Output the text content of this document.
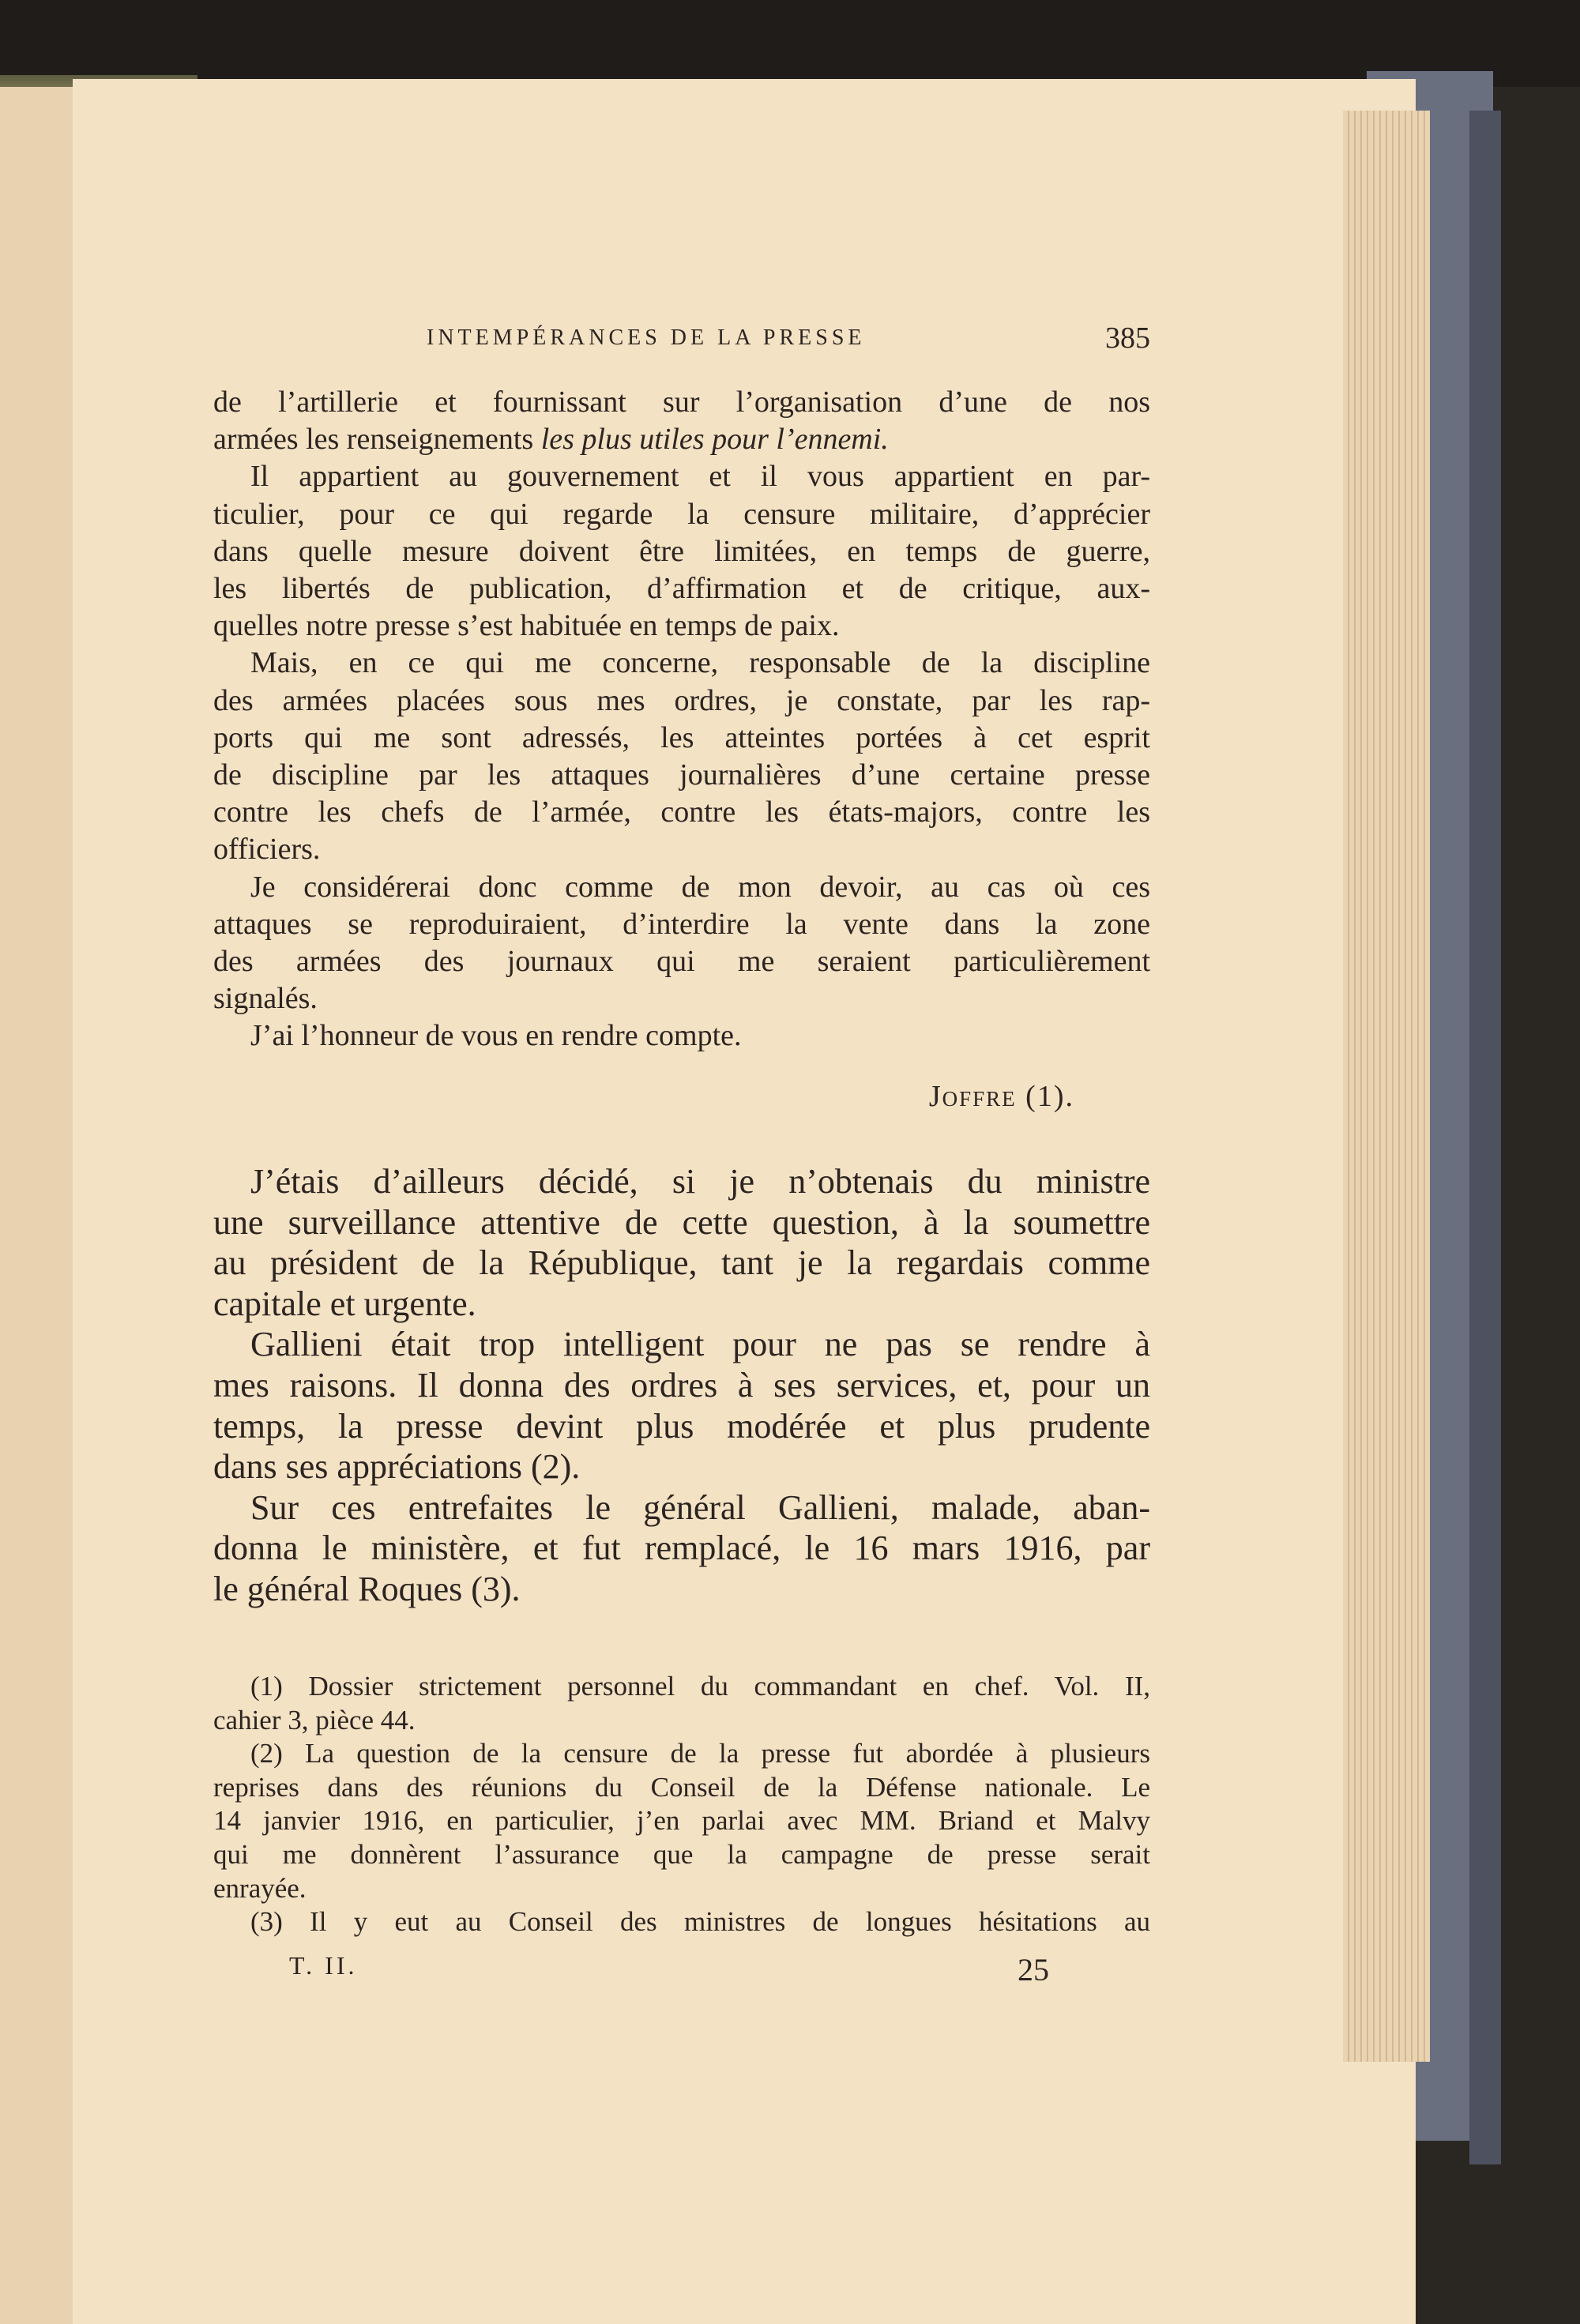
INTEMPÉRANCES DE LA PRESSE	385
de l’artillerie et fournissant sur l’organisation d’une de nos
armées les renseignements les plus utiles pour l’ennemi.
Il appartient au gouvernement et il vous appartient en par-
ticulier, pour ce qui regarde la censure militaire, d’apprécier
dans quelle mesure doivent être limitées, en temps de guerre,
les libertés de publication, d’affirmation et de critique, aux-
quelles notre presse s’est habituée en temps de paix.
Mais, en ce qui me concerne, responsable de la discipline
des armées placées sous mes ordres, je constate, par les rap-
ports qui me sont adressés, les atteintes portées à cet esprit
de discipline par les attaques journalières d’une certaine presse
contre les chefs de l’armée, contre les états-majors, contre les
officiers.
Je considérerai donc comme de mon devoir, au cas où ces
attaques se reproduiraient, d’interdire la vente dans la zone
des armées des journaux qui me seraient particulièrement
signalés.
J’ai l’honneur de vous en rendre compte.
Joffre (1).
J’étais d’ailleurs décidé, si je n’obtenais du ministre
une surveillance attentive de cette question, à la soumettre
au président de la République, tant je la regardais comme
capitale et urgente.
Gallieni était trop intelligent pour ne pas se rendre à
mes raisons. Il donna des ordres à ses services, et, pour un
temps, la presse devint plus modérée et plus prudente
dans ses appréciations (2).
Sur ces entrefaites le général Gallieni, malade, aban-
donna le ministère, et fut remplacé, le 16 mars 1916, par
le général Roques (3).
(1) Dossier strictement personnel du commandant en chef. Vol. II,
cahier 3, pièce 44.
(2) La question de la censure de la presse fut abordée à plusieurs
reprises dans des réunions du Conseil de la Défense nationale. Le
14 janvier 1916, en particulier, j’en parlai avec MM. Briand et Malvy
qui me donnèrent l’assurance que la campagne de presse serait
enrayée.
(3) Il y eut au Conseil des ministres de longues hésitations au
T. II.	25
